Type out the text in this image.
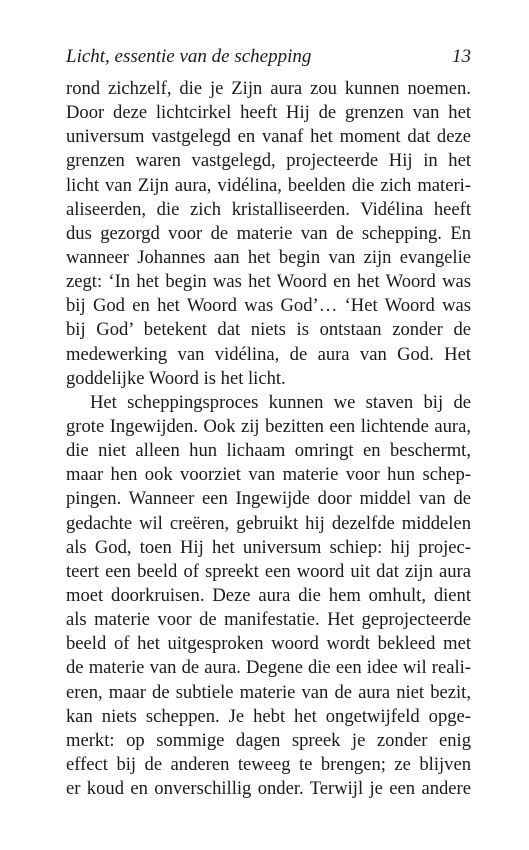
Licht, essentie van de schepping	13
rond zichzelf, die je Zijn aura zou kunnen noemen.
Door deze lichtcirkel heeft Hij de grenzen van het
universum vastgelegd en vanaf het moment dat deze
grenzen waren vastgelegd, projecteerde Hij in het
licht van Zijn aura, vidélina, beelden die zich materi-
aliseerden, die zich kristalliseerden. Vidélina heeft
dus gezorgd voor de materie van de schepping. En
wanneer Johannes aan het begin van zijn evangelie
zegt: ‘In het begin was het Woord en het Woord was
bij God en het Woord was God’… ‘Het Woord was
bij God’ betekent dat niets is ontstaan zonder de
medewerking van vidélina, de aura van God. Het
goddelijke Woord is het licht.
Het scheppingsproces kunnen we staven bij de
grote Ingewijden. Ook zij bezitten een lichtende aura,
die niet alleen hun lichaam omringt en beschermt,
maar hen ook voorziet van materie voor hun schep-
pingen. Wanneer een Ingewijde door middel van de
gedachte wil creëren, gebruikt hij dezelfde middelen
als God, toen Hij het universum schiep: hij projec-
teert een beeld of spreekt een woord uit dat zijn aura
moet doorkruisen. Deze aura die hem omhult, dient
als materie voor de manifestatie. Het geprojecteerde
beeld of het uitgesproken woord wordt bekleed met
de materie van de aura. Degene die een idee wil reali-
eren, maar de subtiele materie van de aura niet bezit,
kan niets scheppen. Je hebt het ongetwijfeld opge-
merkt: op sommige dagen spreek je zonder enig
effect bij de anderen teweeg te brengen; ze blijven
er koud en onverschillig onder. Terwijl je een andere
